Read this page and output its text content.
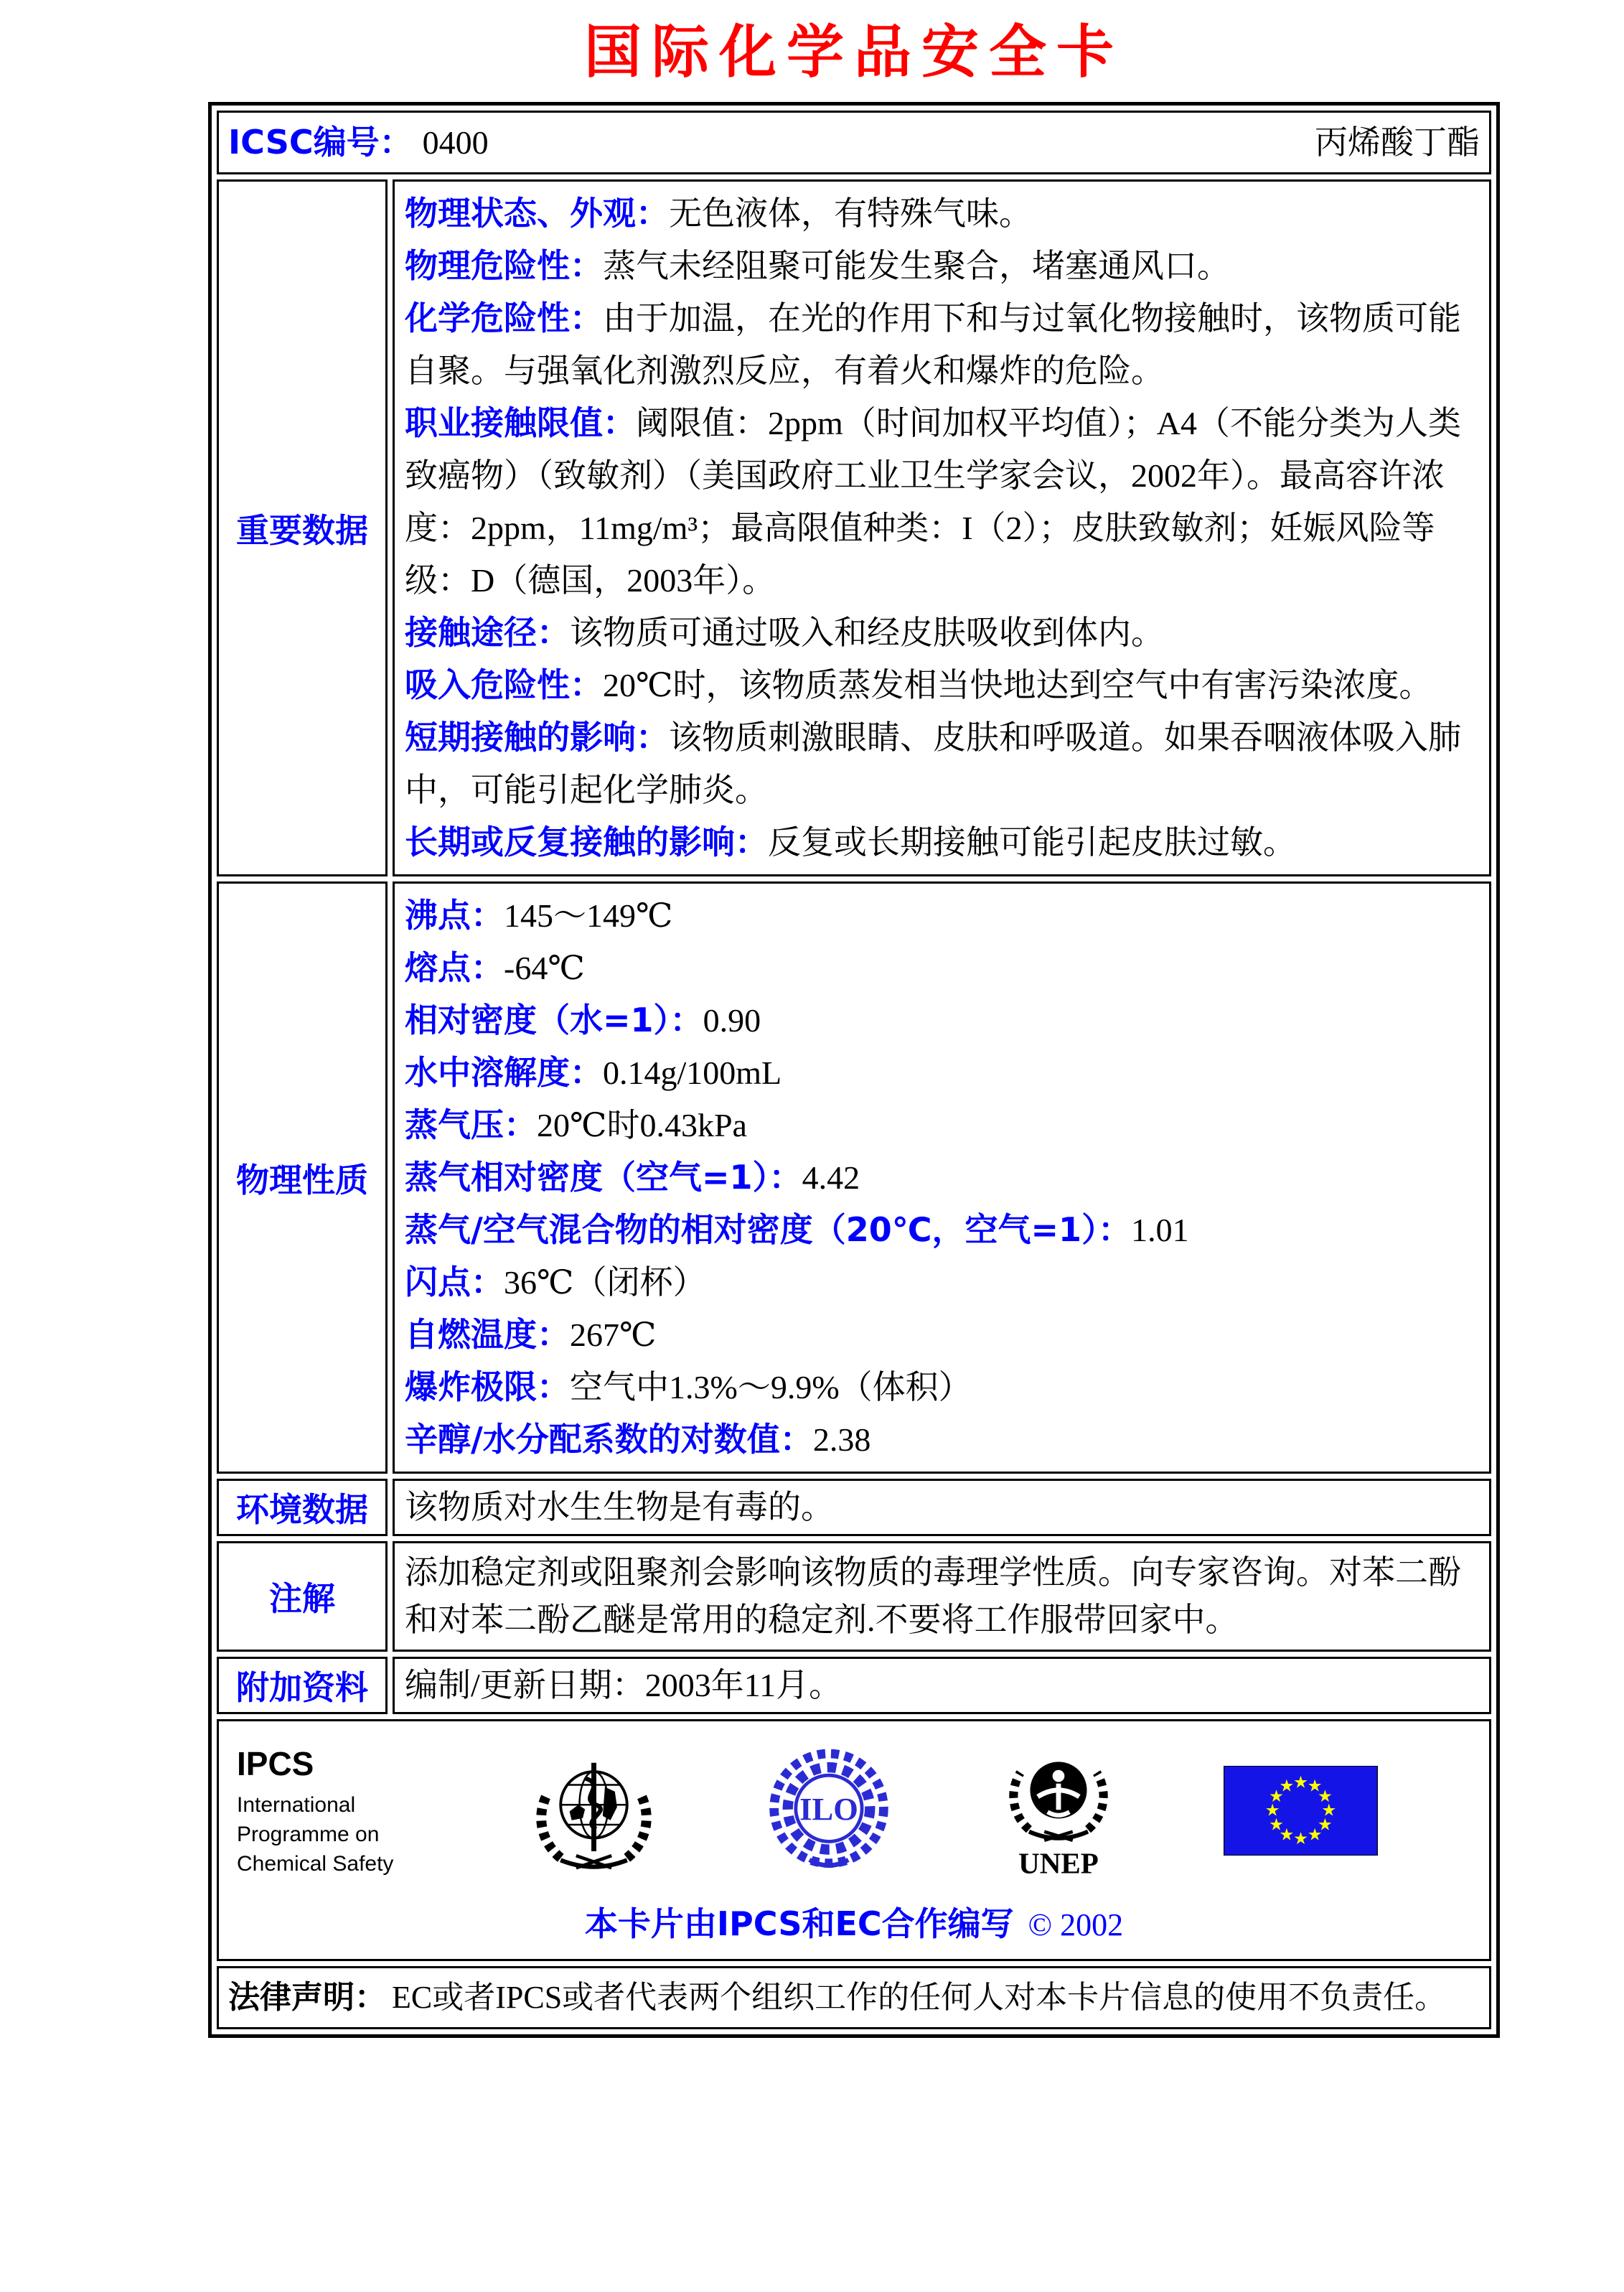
国际化学品安全卡
ICSC编号： 0400 丙烯酸丁酯	

重要数据	

物理状态、外观：无色液体，有特殊气味。

物理危险性：蒸气未经阻聚可能发生聚合，堵塞通风口。

化学危险性：由于加温，在光的作用下和与过氧化物接触时，该物质可能自聚。与强氧化剂激烈反应，有着火和爆炸的危险。

职业接触限值：阈限值：2ppm（时间加权平均值）；A4（不能分类为人类致癌物）（致敏剂）（美国政府工业卫生学家会议，2002年）。最高容许浓度：2ppm，11mg/m³；最高限值种类：I（2）；皮肤致敏剂；妊娠风险等级：D（德国，2003年）。

接触途径：该物质可通过吸入和经皮肤吸收到体内。

吸入危险性：20℃时，该物质蒸发相当快地达到空气中有害污染浓度。

短期接触的影响：该物质刺激眼睛、皮肤和呼吸道。如果吞咽液体吸入肺中，可能引起化学肺炎。

长期或反复接触的影响：反复或长期接触可能引起皮肤过敏。

物理性质	

沸点：145～149℃

熔点：-64℃

相对密度（水=1）：0.90

水中溶解度：0.14g/100mL

蒸气压：20℃时0.43kPa

蒸气相对密度（空气=1）：4.42

蒸气/空气混合物的相对密度（20℃，空气=1）：1.01

闪点：36℃（闭杯）

自燃温度：267℃

爆炸极限：空气中1.3%～9.9%（体积）

辛醇/水分配系数的对数值：2.38

环境数据	该物质对水生生物是有毒的。
注解	添加稳定剂或阻聚剂会影响该物质的毒理学性质。向专家咨询。对苯二酚和对苯二酚乙醚是常用的稳定剂.不要将工作服带回家中。
附加资料	编制/更新日期：2003年11月。

IPCS
International
Programme on
Chemical Safety
ILO
UNEP
★
★
★
★
★
★
★
★
★
★
★
★
本卡片由IPCS和EC合作编写 © 2002

法律声明： EC或者IPCS或者代表两个组织工作的任何人对本卡片信息的使用不负责任。	
